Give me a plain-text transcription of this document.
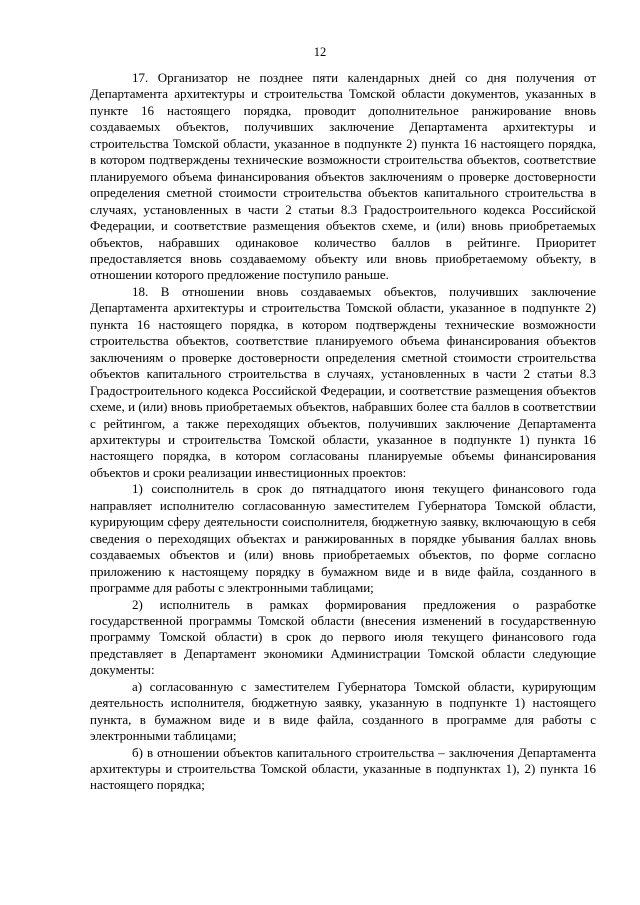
12

17. Организатор не позднее пяти календарных дней со дня получения от Департамента архитектуры и строительства Томской области документов, указанных в пункте 16 настоящего порядка, проводит дополнительное ранжирование вновь создаваемых объектов, получивших заключение Департамента архитектуры и строительства Томской области, указанное в подпункте 2) пункта 16 настоящего порядка, в котором подтверждены технические возможности строительства объектов, соответствие планируемого объема финансирования объектов заключениям о проверке достоверности определения сметной стоимости строительства объектов капитального строительства в случаях, установленных в части 2 статьи 8.3 Градостроительного кодекса Российской Федерации, и соответствие размещения объектов схеме, и (или) вновь приобретаемых объектов, набравших одинаковое количество баллов в рейтинге. Приоритет предоставляется вновь создаваемому объекту или вновь приобретаемому объекту, в отношении которого предложение поступило раньше.

18. В отношении вновь создаваемых объектов, получивших заключение Департамента архитектуры и строительства Томской области, указанное в подпункте 2) пункта 16 настоящего порядка, в котором подтверждены технические возможности строительства объектов, соответствие планируемого объема финансирования объектов заключениям о проверке достоверности определения сметной стоимости строительства объектов капитального строительства в случаях, установленных в части 2 статьи 8.3 Градостроительного кодекса Российской Федерации, и соответствие размещения объектов схеме, и (или) вновь приобретаемых объектов, набравших более ста баллов в соответствии с рейтингом, а также переходящих объектов, получивших заключение Департамента архитектуры и строительства Томской области, указанное в подпункте 1) пункта 16 настоящего порядка, в котором согласованы планируемые объемы финансирования объектов и сроки реализации инвестиционных проектов:

1) соисполнитель в срок до пятнадцатого июня текущего финансового года направляет исполнителю согласованную заместителем Губернатора Томской области, курирующим сферу деятельности соисполнителя, бюджетную заявку, включающую в себя сведения о переходящих объектах и ранжированных в порядке убывания баллах вновь создаваемых объектов и (или) вновь приобретаемых объектов, по форме согласно приложению к настоящему порядку в бумажном виде и в виде файла, созданного в программе для работы с электронными таблицами;

2) исполнитель в рамках формирования предложения о разработке государственной программы Томской области (внесения изменений в государственную программу Томской области) в срок до первого июля текущего финансового года представляет в Департамент экономики Администрации Томской области следующие документы:

а) согласованную с заместителем Губернатора Томской области, курирующим деятельность исполнителя, бюджетную заявку, указанную в подпункте 1) настоящего пункта, в бумажном виде и в виде файла, созданного в программе для работы с электронными таблицами;

б) в отношении объектов капитального строительства – заключения Департамента архитектуры и строительства Томской области, указанные в подпунктах 1), 2) пункта 16 настоящего порядка;
